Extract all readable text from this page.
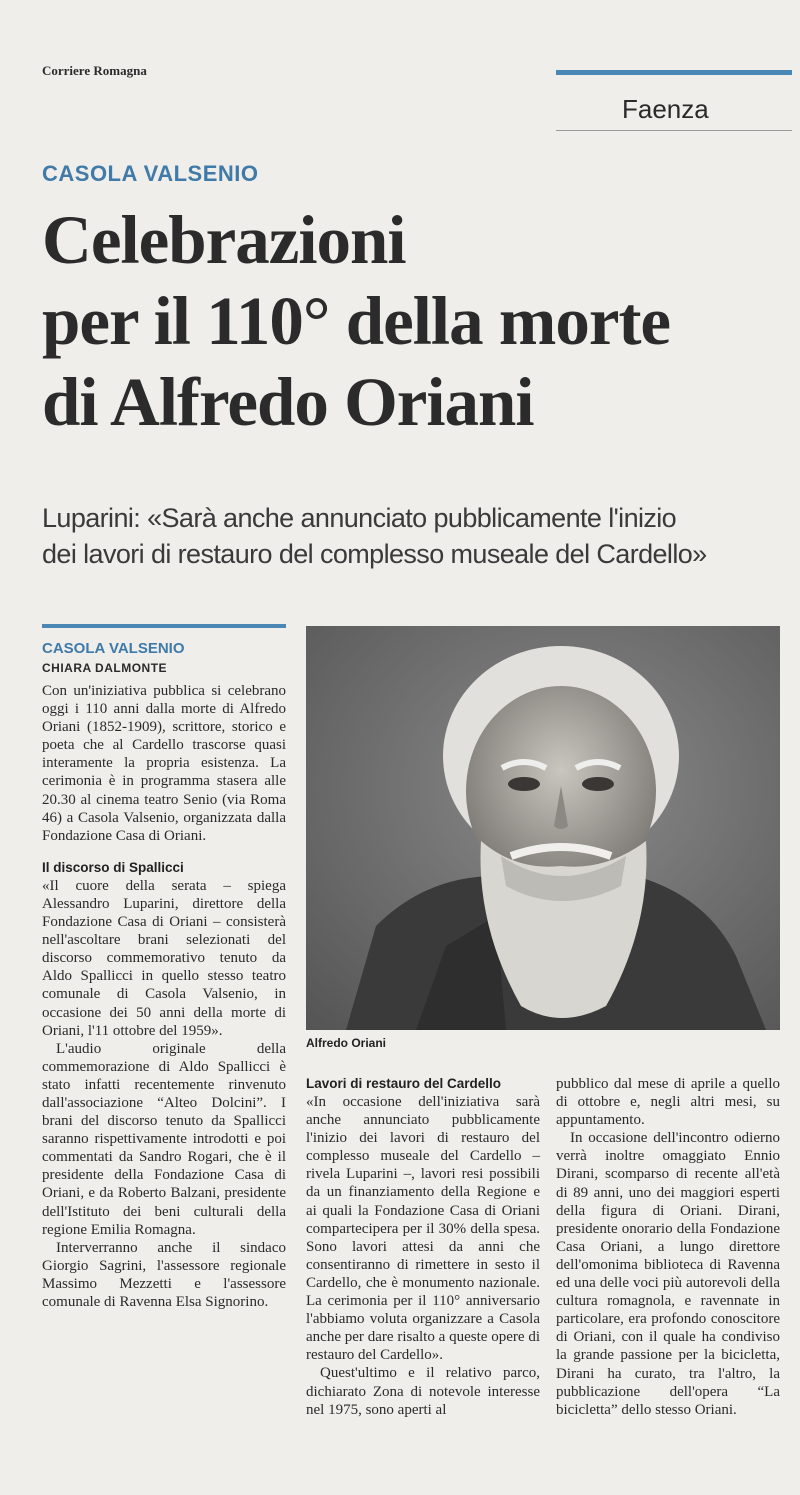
Corriere Romagna
Faenza
CASOLA VALSENIO
Celebrazioni
per il 110° della morte
di Alfredo Oriani
Luparini: «Sarà anche annunciato pubblicamente l'inizio
dei lavori di restauro del complesso museale del Cardello»
CASOLA VALSENIO
CHIARA DALMONTE

Con un'iniziativa pubblica si celebrano oggi i 110 anni dalla morte di Alfredo Oriani (1852-1909), scrittore, storico e poeta che al Cardello trascorse quasi interamente la propria esistenza. La cerimonia è in programma stasera alle 20.30 al cinema teatro Senio (via Roma 46) a Casola Valsenio, organizzata dalla Fondazione Casa di Oriani.

Il discorso di Spallicci

«Il cuore della serata – spiega Alessandro Luparini, direttore della Fondazione Casa di Oriani – consisterà nell'ascoltare brani selezionati del discorso commemorativo tenuto da Aldo Spallicci in quello stesso teatro comunale di Casola Valsenio, in occasione dei 50 anni della morte di Oriani, l'11 ottobre del 1959».

L'audio originale della commemorazione di Aldo Spallicci è stato infatti recentemente rinvenuto dall'associazione “Alteo Dolcini”. I brani del discorso tenuto da Spallicci saranno rispettivamente introdotti e poi commentati da Sandro Rogari, che è il presidente della Fondazione Casa di Oriani, e da Roberto Balzani, presidente dell'Istituto dei beni culturali della regione Emilia Romagna.

Interverranno anche il sindaco Giorgio Sagrini, l'assessore regionale Massimo Mezzetti e l'assessore comunale di Ravenna Elsa Signorino.

Alfredo Oriani
Lavori di restauro del Cardello

«In occasione dell'iniziativa sarà anche annunciato pubblicamente l'inizio dei lavori di restauro del complesso museale del Cardello – rivela Luparini –, lavori resi possibili da un finanziamento della Regione e ai quali la Fondazione Casa di Oriani compartecipera per il 30% della spesa. Sono lavori attesi da anni che consentiranno di rimettere in sesto il Cardello, che è monumento nazionale. La cerimonia per il 110° anniversario l'abbiamo voluta organizzare a Casola anche per dare risalto a queste opere di restauro del Cardello».

Quest'ultimo e il relativo parco, dichiarato Zona di notevole interesse nel 1975, sono aperti al

pubblico dal mese di aprile a quello di ottobre e, negli altri mesi, su appuntamento.

In occasione dell'incontro odierno verrà inoltre omaggiato Ennio Dirani, scomparso di recente all'età di 89 anni, uno dei maggiori esperti della figura di Oriani. Dirani, presidente onorario della Fondazione Casa Oriani, a lungo direttore dell'omonima biblioteca di Ravenna ed una delle voci più autorevoli della cultura romagnola, e ravennate in particolare, era profondo conoscitore di Oriani, con il quale ha condiviso la grande passione per la bicicletta, Dirani ha curato, tra l'altro, la pubblicazione dell'opera “La bicicletta” dello stesso Oriani.
